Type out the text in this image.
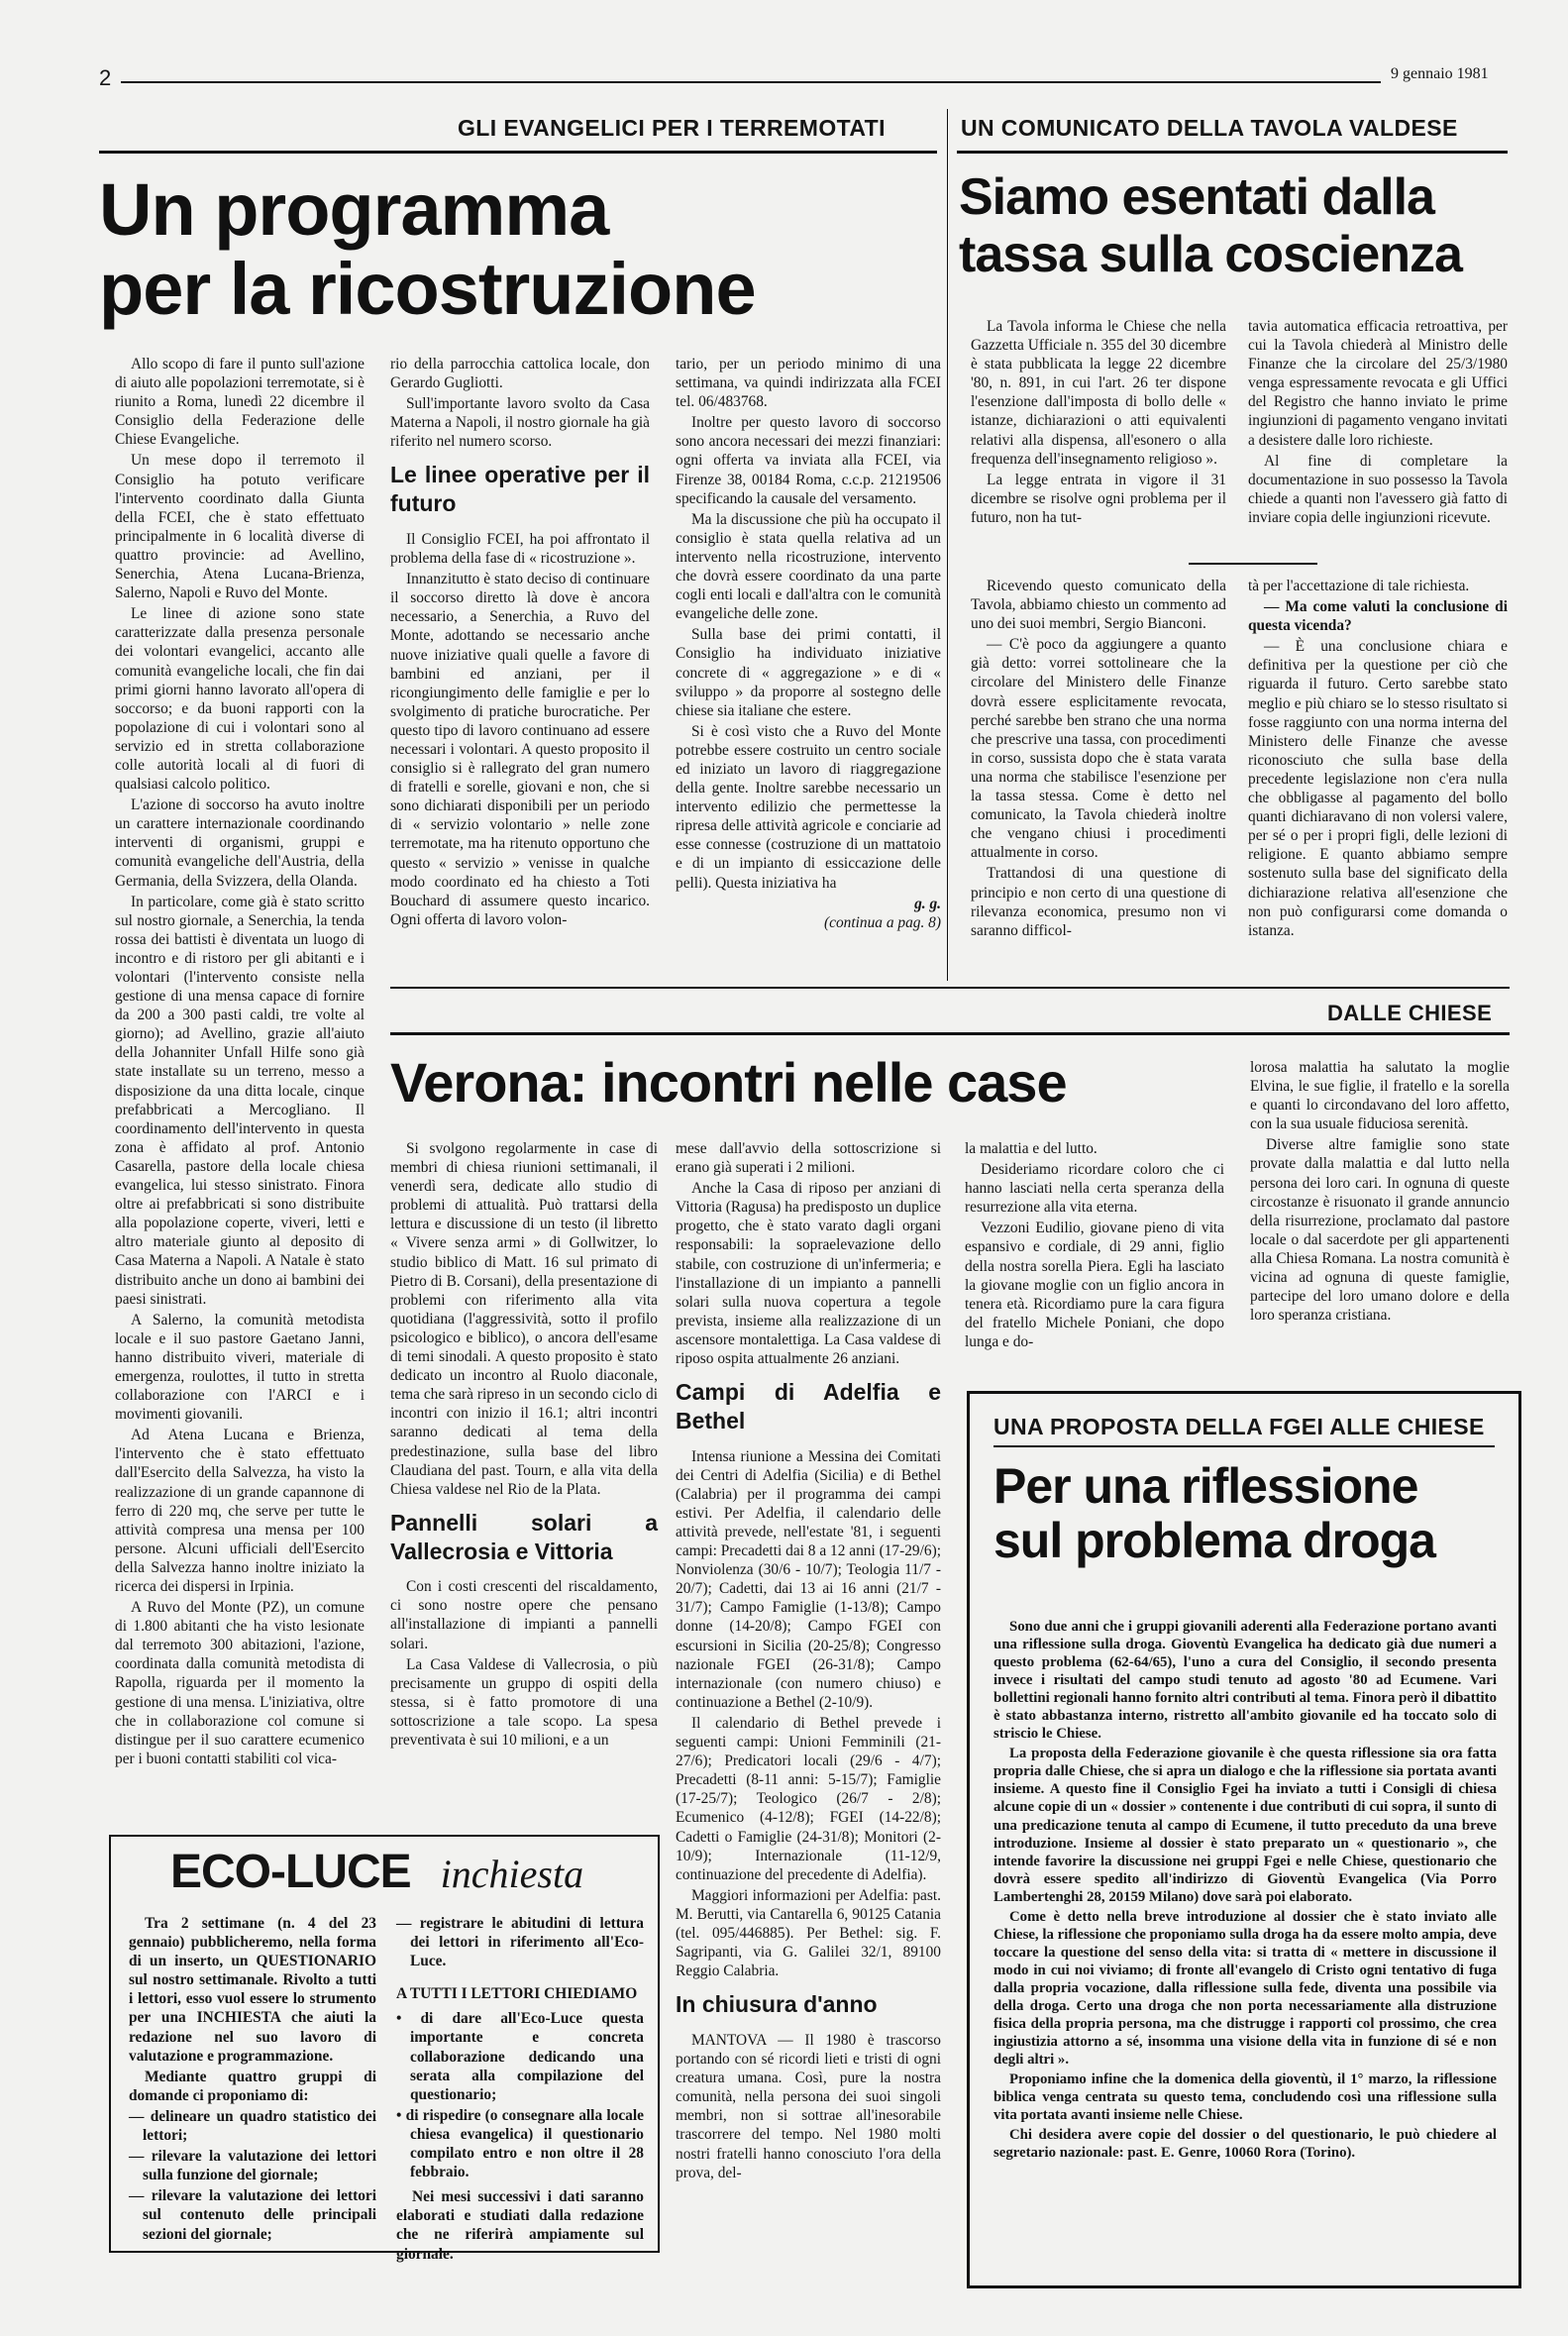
2	9 gennaio 1981
GLI EVANGELICI PER I TERREMOTATI
Un programma
per la ricostruzione

Allo scopo di fare il punto sull'azione di aiuto alle popolazioni terremotate, si è riunito a Roma, lunedì 22 dicembre il Consiglio della Federazione delle Chiese Evangeliche.

Un mese dopo il terremoto il Consiglio ha potuto verificare l'intervento coordinato dalla Giunta della FCEI, che è stato effettuato principalmente in 6 località diverse di quattro provincie: ad Avellino, Senerchia, Atena Lucana-Brienza, Salerno, Napoli e Ruvo del Monte.

Le linee di azione sono state caratterizzate dalla presenza personale dei volontari evangelici, accanto alle comunità evangeliche locali, che fin dai primi giorni hanno lavorato all'opera di soccorso; e da buoni rapporti con la popolazione di cui i volontari sono al servizio ed in stretta collaborazione colle autorità locali al di fuori di qualsiasi calcolo politico.

L'azione di soccorso ha avuto inoltre un carattere internazionale coordinando interventi di organismi, gruppi e comunità evangeliche dell'Austria, della Germania, della Svizzera, della Olanda.

In particolare, come già è stato scritto sul nostro giornale, a Senerchia, la tenda rossa dei battisti è diventata un luogo di incontro e di ristoro per gli abitanti e i volontari (l'intervento consiste nella gestione di una mensa capace di fornire da 200 a 300 pasti caldi, tre volte al giorno); ad Avellino, grazie all'aiuto della Johanniter Unfall Hilfe sono già state installate su un terreno, messo a disposizione da una ditta locale, cinque prefabbricati a Mercogliano. Il coordinamento dell'intervento in questa zona è affidato al prof. Antonio Casarella, pastore della locale chiesa evangelica, lui stesso sinistrato. Finora oltre ai prefabbricati si sono distribuite alla popolazione coperte, viveri, letti e altro materiale giunto al deposito di Casa Materna a Napoli. A Natale è stato distribuito anche un dono ai bambini dei paesi sinistrati.

A Salerno, la comunità metodista locale e il suo pastore Gaetano Janni, hanno distribuito viveri, materiale di emergenza, roulottes, il tutto in stretta collaborazione con l'ARCI e i movimenti giovanili.

Ad Atena Lucana e Brienza, l'intervento che è stato effettuato dall'Esercito della Salvezza, ha visto la realizzazione di un grande capannone di ferro di 220 mq, che serve per tutte le attività compresa una mensa per 100 persone. Alcuni ufficiali dell'Esercito della Salvezza hanno inoltre iniziato la ricerca dei dispersi in Irpinia.

A Ruvo del Monte (PZ), un comune di 1.800 abitanti che ha visto lesionate dal terremoto 300 abitazioni, l'azione, coordinata dalla comunità metodista di Rapolla, riguarda per il momento la gestione di una mensa. L'iniziativa, oltre che in collaborazione col comune si distingue per il suo carattere ecumenico per i buoni contatti stabiliti col vica-

rio della parrocchia cattolica locale, don Gerardo Gugliotti.

Sull'importante lavoro svolto da Casa Materna a Napoli, il nostro giornale ha già riferito nel numero scorso.

Le linee operative per il futuro

Il Consiglio FCEI, ha poi affrontato il problema della fase di « ricostruzione ».

Innanzitutto è stato deciso di continuare il soccorso diretto là dove è ancora necessario, a Senerchia, a Ruvo del Monte, adottando se necessario anche nuove iniziative quali quelle a favore di bambini ed anziani, per il ricongiungimento delle famiglie e per lo svolgimento di pratiche burocratiche. Per questo tipo di lavoro continuano ad essere necessari i volontari. A questo proposito il consiglio si è rallegrato del gran numero di fratelli e sorelle, giovani e non, che si sono dichiarati disponibili per un periodo di « servizio volontario » nelle zone terremotate, ma ha ritenuto opportuno che questo « servizio » venisse in qualche modo coordinato ed ha chiesto a Toti Bouchard di assumere questo incarico. Ogni offerta di lavoro volon-

tario, per un periodo minimo di una settimana, va quindi indirizzata alla FCEI tel. 06/483768.

Inoltre per questo lavoro di soccorso sono ancora necessari dei mezzi finanziari: ogni offerta va inviata alla FCEI, via Firenze 38, 00184 Roma, c.c.p. 21219506 specificando la causale del versamento.

Ma la discussione che più ha occupato il consiglio è stata quella relativa ad un intervento nella ricostruzione, intervento che dovrà essere coordinato da una parte cogli enti locali e dall'altra con le comunità evangeliche delle zone.

Sulla base dei primi contatti, il Consiglio ha individuato iniziative concrete di « aggregazione » e di « sviluppo » da proporre al sostegno delle chiese sia italiane che estere.

Si è così visto che a Ruvo del Monte potrebbe essere costruito un centro sociale ed iniziato un lavoro di riaggregazione della gente. Inoltre sarebbe necessario un intervento edilizio che permettesse la ripresa delle attività agricole e conciarie ad esse connesse (costruzione di un mattatoio e di un impianto di essiccazione delle pelli). Questa iniziativa ha

g. g.
(continua a pag. 8)
UN COMUNICATO DELLA TAVOLA VALDESE
Siamo esentati dalla
tassa sulla coscienza

La Tavola informa le Chiese che nella Gazzetta Ufficiale n. 355 del 30 dicembre è stata pubblicata la legge 22 dicembre '80, n. 891, in cui l'art. 26 ter dispone l'esenzione dall'imposta di bollo delle « istanze, dichiarazioni o atti equivalenti relativi alla dispensa, all'esonero o alla frequenza dell'insegnamento religioso ».

La legge entrata in vigore il 31 dicembre se risolve ogni problema per il futuro, non ha tut-

tavia automatica efficacia retroattiva, per cui la Tavola chiederà al Ministro delle Finanze che la circolare del 25/3/1980 venga espressamente revocata e gli Uffici del Registro che hanno inviato le prime ingiunzioni di pagamento vengano invitati a desistere dalle loro richieste.

Al fine di completare la documentazione in suo possesso la Tavola chiede a quanti non l'avessero già fatto di inviare copia delle ingiunzioni ricevute.

Ricevendo questo comunicato della Tavola, abbiamo chiesto un commento ad uno dei suoi membri, Sergio Bianconi.

— C'è poco da aggiungere a quanto già detto: vorrei sottolineare che la circolare del Ministero delle Finanze dovrà essere esplicitamente revocata, perché sarebbe ben strano che una norma che prescrive una tassa, con procedimenti in corso, sussista dopo che è stata varata una norma che stabilisce l'esenzione per la tassa stessa. Come è detto nel comunicato, la Tavola chiederà inoltre che vengano chiusi i procedimenti attualmente in corso.

Trattandosi di una questione di principio e non certo di una questione di rilevanza economica, presumo non vi saranno difficol-

tà per l'accettazione di tale richiesta.

— Ma come valuti la conclusione di questa vicenda?

— È una conclusione chiara e definitiva per la questione per ciò che riguarda il futuro. Certo sarebbe stato meglio e più chiaro se lo stesso risultato si fosse raggiunto con una norma interna del Ministero delle Finanze che avesse riconosciuto che sulla base della precedente legislazione non c'era nulla che obbligasse al pagamento del bollo quanti dichiaravano di non volersi valere, per sé o per i propri figli, delle lezioni di religione. E quanto abbiamo sempre sostenuto sulla base del significato della dichiarazione relativa all'esenzione che non può configurarsi come domanda o istanza.

DALLE CHIESE
Verona: incontri nelle case

Si svolgono regolarmente in case di membri di chiesa riunioni settimanali, il venerdì sera, dedicate allo studio di problemi di attualità. Può trattarsi della lettura e discussione di un testo (il libretto « Vivere senza armi » di Gollwitzer, lo studio biblico di Matt. 16 sul primato di Pietro di B. Corsani), della presentazione di problemi con riferimento alla vita quotidiana (l'aggressività, sotto il profilo psicologico e biblico), o ancora dell'esame di temi sinodali. A questo proposito è stato dedicato un incontro al Ruolo diaconale, tema che sarà ripreso in un secondo ciclo di incontri con inizio il 16.1; altri incontri saranno dedicati al tema della predestinazione, sulla base del libro Claudiana del past. Tourn, e alla vita della Chiesa valdese nel Rio de la Plata.

Pannelli solari a Vallecrosia e Vittoria

Con i costi crescenti del riscaldamento, ci sono nostre opere che pensano all'installazione di impianti a pannelli solari.

La Casa Valdese di Vallecrosia, o più precisamente un gruppo di ospiti della stessa, si è fatto promotore di una sottoscrizione a tale scopo. La spesa preventivata è sui 10 milioni, e a un

mese dall'avvio della sottoscrizione si erano già superati i 2 milioni.

Anche la Casa di riposo per anziani di Vittoria (Ragusa) ha predisposto un duplice progetto, che è stato varato dagli organi responsabili: la sopraelevazione dello stabile, con costruzione di un'infermeria; e l'installazione di un impianto a pannelli solari sulla nuova copertura a tegole prevista, insieme alla realizzazione di un ascensore montalettiga. La Casa valdese di riposo ospita attualmente 26 anziani.

Campi di Adelfia e Bethel

Intensa riunione a Messina dei Comitati dei Centri di Adelfia (Sicilia) e di Bethel (Calabria) per il programma dei campi estivi. Per Adelfia, il calendario delle attività prevede, nell'estate '81, i seguenti campi: Precadetti dai 8 a 12 anni (17-29/6); Nonviolenza (30/6 - 10/7); Teologia 11/7 - 20/7); Cadetti, dai 13 ai 16 anni (21/7 - 31/7); Campo Famiglie (1-13/8); Campo donne (14-20/8); Campo FGEI con escursioni in Sicilia (20-25/8); Congresso nazionale FGEI (26-31/8); Campo internazionale (con numero chiuso) e continuazione a Bethel (2-10/9).

Il calendario di Bethel prevede i seguenti campi: Unioni Femminili (21-27/6); Predicatori locali (29/6 - 4/7); Precadetti (8-11 anni: 5-15/7); Famiglie (17-25/7); Teologico (26/7 - 2/8); Ecumenico (4-12/8); FGEI (14-22/8); Cadetti o Famiglie (24-31/8); Monitori (2-10/9); Internazionale (11-12/9, continuazione del precedente di Adelfia).

Maggiori informazioni per Adelfia: past. M. Berutti, via Cantarella 6, 90125 Catania (tel. 095/446885). Per Bethel: sig. F. Sagripanti, via G. Galilei 32/1, 89100 Reggio Calabria.

In chiusura d'anno

MANTOVA — Il 1980 è trascorso portando con sé ricordi lieti e tristi di ogni creatura umana. Così, pure la nostra comunità, nella persona dei suoi singoli membri, non si sottrae all'inesorabile trascorrere del tempo. Nel 1980 molti nostri fratelli hanno conosciuto l'ora della prova, del-

la malattia e del lutto.

Desideriamo ricordare coloro che ci hanno lasciati nella certa speranza della resurrezione alla vita eterna.

Vezzoni Eudilio, giovane pieno di vita espansivo e cordiale, di 29 anni, figlio della nostra sorella Piera. Egli ha lasciato la giovane moglie con un figlio ancora in tenera età. Ricordiamo pure la cara figura del fratello Michele Poniani, che dopo lunga e do-

lorosa malattia ha salutato la moglie Elvina, le sue figlie, il fratello e la sorella e quanti lo circondavano del loro affetto, con la sua usuale fiduciosa serenità.

Diverse altre famiglie sono state provate dalla malattia e dal lutto nella persona dei loro cari. In ognuna di queste circostanze è risuonato il grande annuncio della risurrezione, proclamato dal pastore locale o dal sacerdote per gli appartenenti alla Chiesa Romana. La nostra comunità è vicina ad ognuna di queste famiglie, partecipe del loro umano dolore e della loro speranza cristiana.

ECO-LUCE inchiesta

Tra 2 settimane (n. 4 del 23 gennaio) pubblicheremo, nella forma di un inserto, un QUESTIONARIO sul nostro settimanale. Rivolto a tutti i lettori, esso vuol essere lo strumento per una INCHIESTA che aiuti la redazione nel suo lavoro di valutazione e programmazione.

Mediante quattro gruppi di domande ci proponiamo di:

— delineare un quadro statistico dei lettori;
— rilevare la valutazione dei lettori sulla funzione del giornale;
— rilevare la valutazione dei lettori sul contenuto delle principali sezioni del giornale;
— registrare le abitudini di lettura dei lettori in riferimento all'Eco-Luce.
A TUTTI I LETTORI CHIEDIAMO
• di dare all'Eco-Luce questa importante e concreta collaborazione dedicando una serata alla compilazione del questionario;
• di rispedire (o consegnare alla locale chiesa evangelica) il questionario compilato entro e non oltre il 28 febbraio.

Nei mesi successivi i dati saranno elaborati e studiati dalla redazione che ne riferirà ampiamente sul giornale.

UNA PROPOSTA DELLA FGEI ALLE CHIESE
Per una riflessione
sul problema droga

Sono due anni che i gruppi giovanili aderenti alla Federazione portano avanti una riflessione sulla droga. Gioventù Evangelica ha dedicato già due numeri a questo problema (62-64/65), l'uno a cura del Consiglio, il secondo presenta invece i risultati del campo studi tenuto ad agosto '80 ad Ecumene. Vari bollettini regionali hanno fornito altri contributi al tema. Finora però il dibattito è stato abbastanza interno, ristretto all'ambito giovanile ed ha toccato solo di striscio le Chiese.

La proposta della Federazione giovanile è che questa riflessione sia ora fatta propria dalle Chiese, che si apra un dialogo e che la riflessione sia portata avanti insieme. A questo fine il Consiglio Fgei ha inviato a tutti i Consigli di chiesa alcune copie di un « dossier » contenente i due contributi di cui sopra, il sunto di una predicazione tenuta al campo di Ecumene, il tutto preceduto da una breve introduzione. Insieme al dossier è stato preparato un « questionario », che intende favorire la discussione nei gruppi Fgei e nelle Chiese, questionario che dovrà essere spedito all'indirizzo di Gioventù Evangelica (Via Porro Lambertenghi 28, 20159 Milano) dove sarà poi elaborato.

Come è detto nella breve introduzione al dossier che è stato inviato alle Chiese, la riflessione che proponiamo sulla droga ha da essere molto ampia, deve toccare la questione del senso della vita: si tratta di « mettere in discussione il modo in cui noi viviamo; di fronte all'evangelo di Cristo ogni tentativo di fuga dalla propria vocazione, dalla riflessione sulla fede, diventa una possibile via della droga. Certo una droga che non porta necessariamente alla distruzione fisica della propria persona, ma che distrugge i rapporti col prossimo, che crea ingiustizia attorno a sé, insomma una visione della vita in funzione di sé e non degli altri ».

Proponiamo infine che la domenica della gioventù, il 1° marzo, la riflessione biblica venga centrata su questo tema, concludendo così una riflessione sulla vita portata avanti insieme nelle Chiese.

Chi desidera avere copie del dossier o del questionario, le può chiedere al segretario nazionale: past. E. Genre, 10060 Rora (Torino).
